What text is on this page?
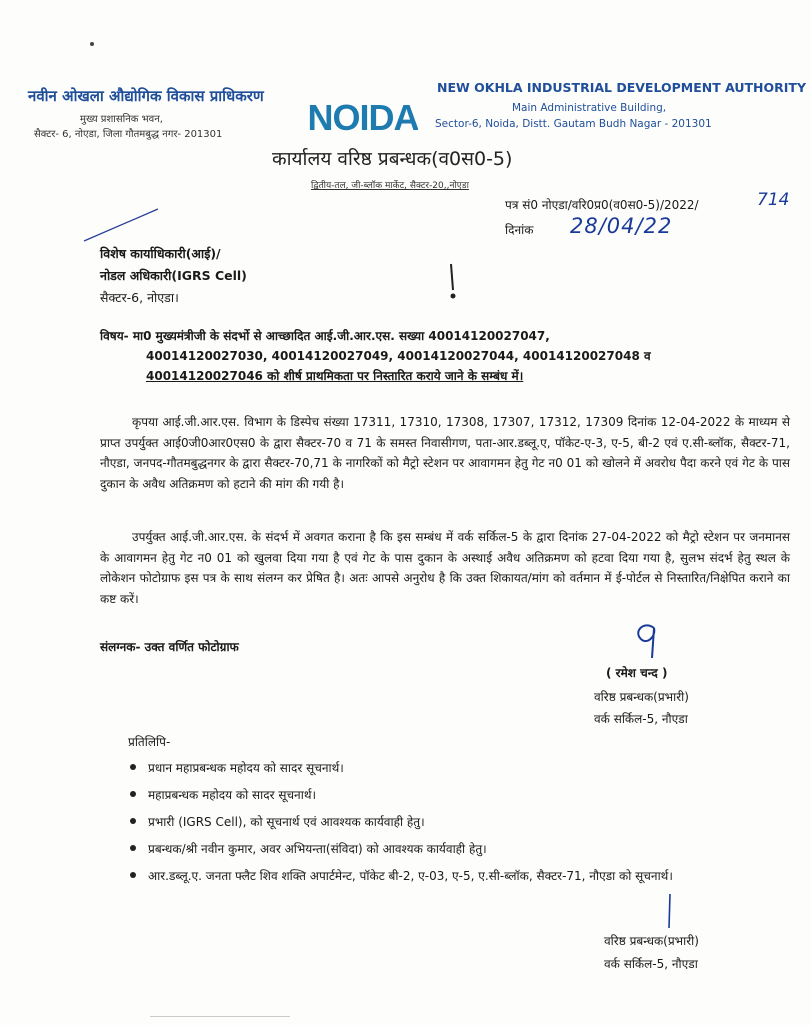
नवीन ओखला औद्योगिक विकास प्राधिकरण
मुख्य प्रशासनिक भवन,
सैक्टर- 6, नोएडा, जिला गौतमबुद्ध नगर- 201301 NOIDA
NEW OKHLA INDUSTRIAL DEVELOPMENT AUTHORITY
Main Administrative Building,
Sector-6, Noida, Distt. Gautam Budh Nagar - 201301
कार्यालय वरिष्ठ प्रबन्धक(व0स0-5)
द्वितीय-तल, जी-ब्लॉक मार्केट, सैक्टर-20,,नोएडा
पत्र सं0 नोएडा/वरि0प्र0(व0स0-5)/2022/	714
दिनांक 28/04/22
विशेष कार्याधिकारी(आई)/
नोडल अधिकारी(IGRS Cell)
सैक्टर-6, नोएडा।
विषय- मा0 मुख्यमंत्रीजी के संदर्भो से आच्छादित आई.जी.आर.एस. सख्या 40014120027047,
40014120027030, 40014120027049, 40014120027044, 40014120027048 व
40014120027046 को शीर्ष प्राथमिकता पर निस्तारित कराये जाने के सम्बंध में।
कृपया आई.जी.आर.एस. विभाग के डिस्पेच संख्या 17311, 17310, 17308, 17307, 17312, 17309 दिनांक 12-04-2022 के माध्यम से प्राप्त उपर्युक्त आई0जी0आर0एस0 के द्वारा सैक्टर-70 व 71 के समस्त निवासीगण, पता-आर.डब्लू.ए, पॉकेट-ए-3, ए-5, बी-2 एवं ए.सी-ब्लॉक, सैक्टर-71, नौएडा, जनपद-गौतमबुद्धनगर के द्वारा सैक्टर-70,71 के नागरिकों को मैट्रो स्टेशन पर आवागमन हेतु गेट न0 01 को खोलने में अवरोध पैदा करने एवं गेट के पास दुकान के अवैध अतिक्रमण को हटाने की मांग की गयी है।
उपर्युक्त आई.जी.आर.एस. के संदर्भ में अवगत कराना है कि इस सम्बंध में वर्क सर्किल-5 के द्वारा दिनांक 27-04-2022 को मैट्रो स्टेशन पर जनमानस के आवागमन हेतु गेट न0 01 को खुलवा दिया गया है एवं गेट के पास दुकान के अस्थाई अवैध अतिक्रमण को हटवा दिया गया है, सुलभ संदर्भ हेतु स्थल के लोकेशन फोटोग्राफ इस पत्र के साथ संलग्न कर प्रेषित है। अतः आपसे अनुरोध है कि उक्त शिकायत/मांग को वर्तमान में ई-पोर्टल से निस्तारित/निक्षेपित कराने का कष्ट करें।
संलग्नक- उक्त वर्णित फोटोग्राफ
( रमेश चन्द )
वरिष्ठ प्रबन्धक(प्रभारी)
वर्क सर्किल-5, नौएडा
प्रतिलिपि-
प्रधान महाप्रबन्धक महोदय को सादर सूचनार्थ।
महाप्रबन्धक महोदय को सादर सूचनार्थ।
प्रभारी (IGRS Cell), को सूचनार्थ एवं आवश्यक कार्यवाही हेतु।
प्रबन्धक/श्री नवीन कुमार, अवर अभियन्ता(संविदा) को आवश्यक कार्यवाही हेतु।
आर.डब्लू.ए. जनता फ्लैट शिव शक्ति अपार्टमेन्ट, पॉकेट बी-2, ए-03, ए-5, ए.सी-ब्लॉक, सैक्टर-71, नौएडा को सूचनार्थ।
वरिष्ठ प्रबन्धक(प्रभारी)
वर्क सर्किल-5, नौएडा
